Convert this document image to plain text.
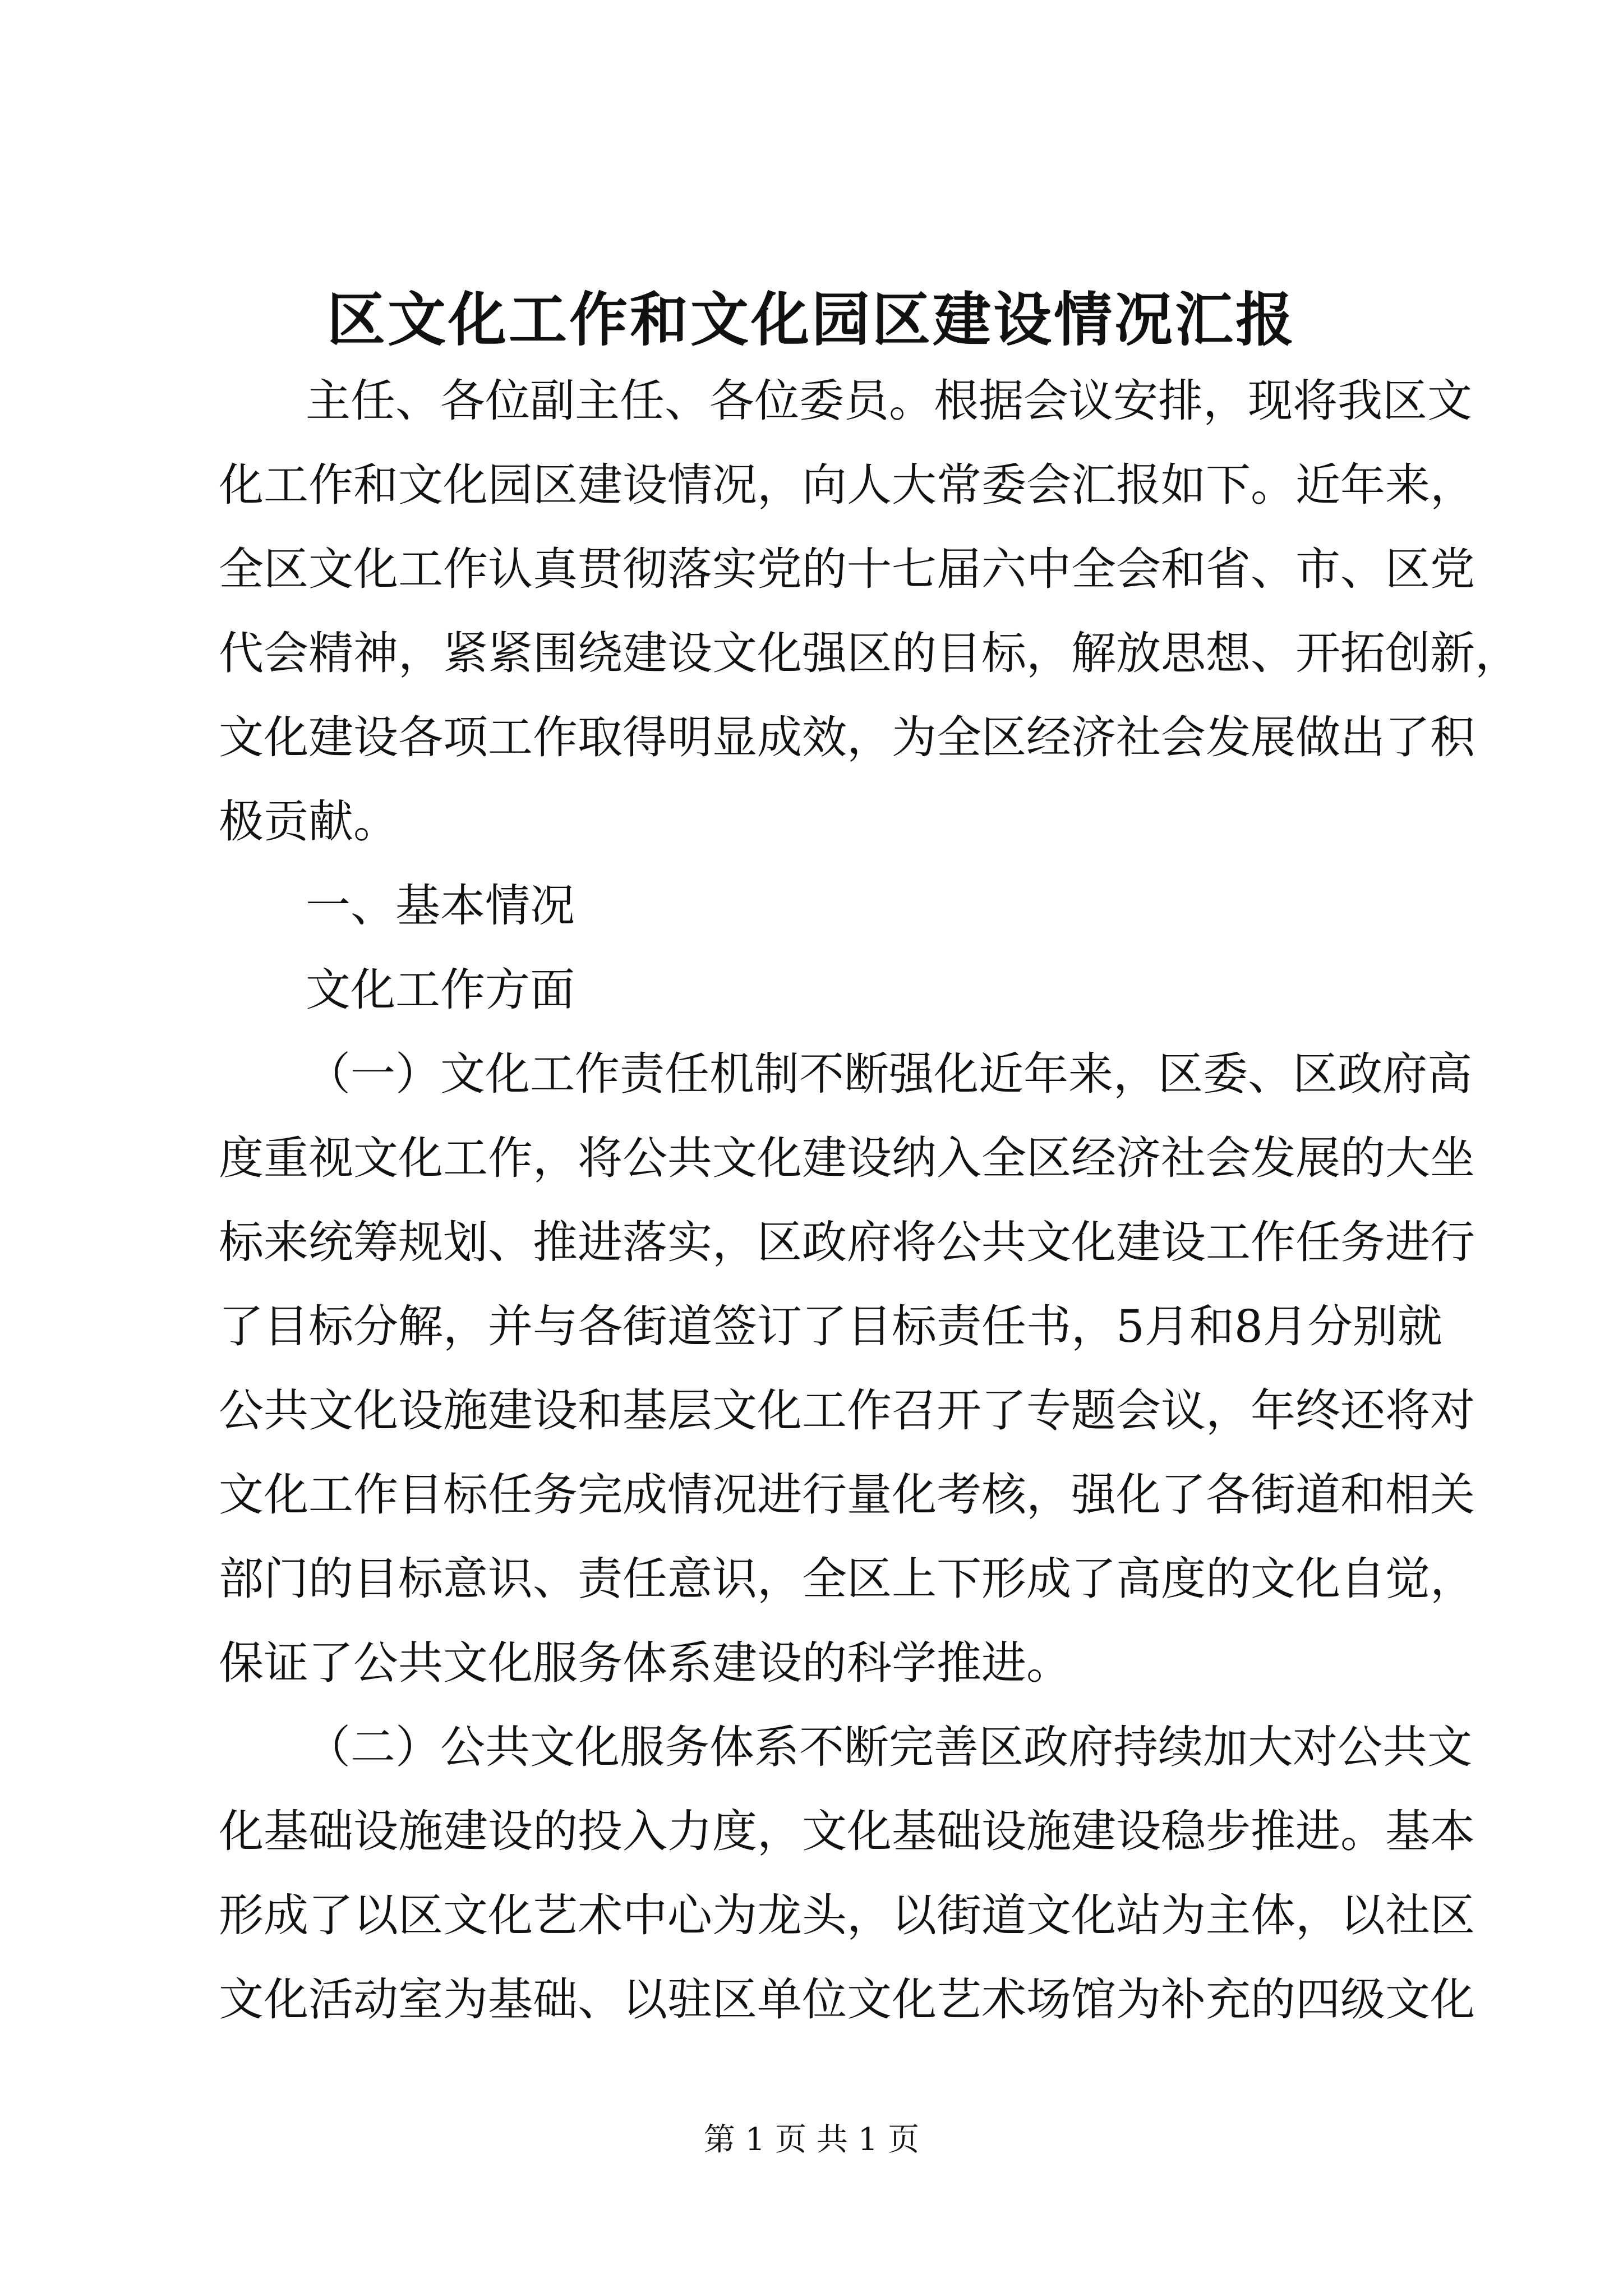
区文化工作和文化园区建设情况汇报
主任、各位副主任、各位委员。根据会议安排，现将我区文
化工作和文化园区建设情况，向人大常委会汇报如下。近年来，
全区文化工作认真贯彻落实党的十七届六中全会和省、市、区党
代会精神，紧紧围绕建设文化强区的目标，解放思想、开拓创新，
文化建设各项工作取得明显成效，为全区经济社会发展做出了积
极贡献。
一、基本情况
文化工作方面
（一）文化工作责任机制不断强化近年来，区委、区政府高
度重视文化工作，将公共文化建设纳入全区经济社会发展的大坐
标来统筹规划、推进落实，区政府将公共文化建设工作任务进行
了目标分解，并与各街道签订了目标责任书，5月和8月分别就
公共文化设施建设和基层文化工作召开了专题会议，年终还将对
文化工作目标任务完成情况进行量化考核，强化了各街道和相关
部门的目标意识、责任意识，全区上下形成了高度的文化自觉，
保证了公共文化服务体系建设的科学推进。
（二）公共文化服务体系不断完善区政府持续加大对公共文
化基础设施建设的投入力度，文化基础设施建设稳步推进。基本
形成了以区文化艺术中心为龙头，以街道文化站为主体，以社区
文化活动室为基础、以驻区单位文化艺术场馆为补充的四级文化
第 1 页 共 1 页
